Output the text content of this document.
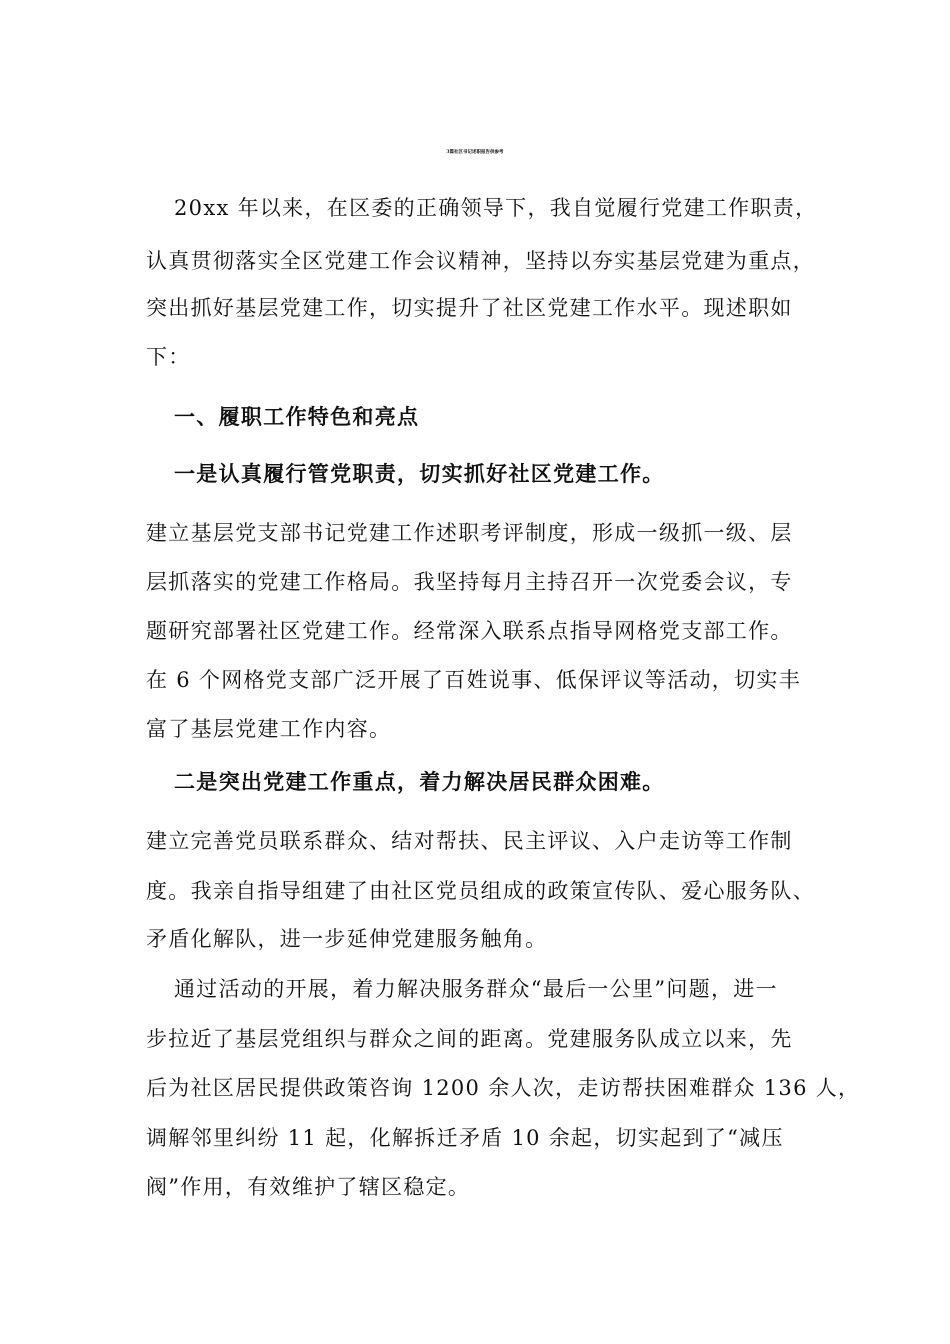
3篇社区书记述职报告供参考
20xx 年以来，在区委的正确领导下，我自觉履行党建工作职责，
认真贯彻落实全区党建工作会议精神，坚持以夯实基层党建为重点，
突出抓好基层党建工作，切实提升了社区党建工作水平。现述职如
下：
一、履职工作特色和亮点
一是认真履行管党职责，切实抓好社区党建工作。
建立基层党支部书记党建工作述职考评制度，形成一级抓一级、层
层抓落实的党建工作格局。我坚持每月主持召开一次党委会议，专
题研究部署社区党建工作。经常深入联系点指导网格党支部工作。
在 6 个网格党支部广泛开展了百姓说事、低保评议等活动，切实丰
富了基层党建工作内容。
二是突出党建工作重点，着力解决居民群众困难。
建立完善党员联系群众、结对帮扶、民主评议、入户走访等工作制
度。我亲自指导组建了由社区党员组成的政策宣传队、爱心服务队、
矛盾化解队，进一步延伸党建服务触角。
通过活动的开展，着力解决服务群众“最后一公里”问题，进一
步拉近了基层党组织与群众之间的距离。党建服务队成立以来，先
后为社区居民提供政策咨询 1200 余人次，走访帮扶困难群众 136 人，
调解邻里纠纷 11 起，化解拆迁矛盾 10 余起，切实起到了“减压
阀”作用，有效维护了辖区稳定。
